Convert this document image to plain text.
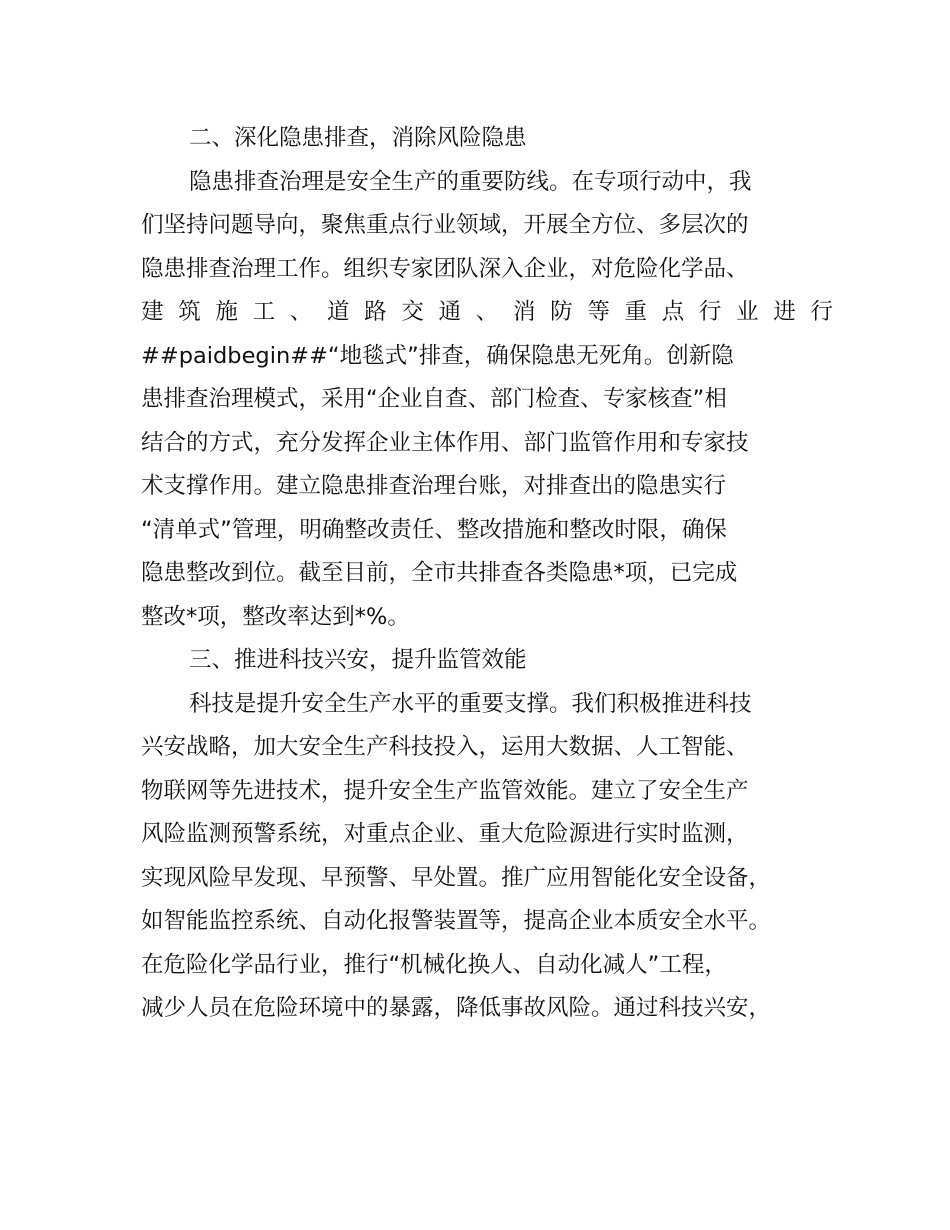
二、深化隐患排查，消除风险隐患
隐患排查治理是安全生产的重要防线。在专项行动中，我
们坚持问题导向，聚焦重点行业领域，开展全方位、多层次的
隐患排查治理工作。组织专家团队深入企业，对危险化学品、
建 筑 施 工 、 道 路 交 通 、 消 防 等 重 点 行 业 进 行
##paidbegin##“地毯式”排查，确保隐患无死角。创新隐
患排查治理模式，采用“企业自查、部门检查、专家核查”相
结合的方式，充分发挥企业主体作用、部门监管作用和专家技
术支撑作用。建立隐患排查治理台账，对排查出的隐患实行
“清单式”管理，明确整改责任、整改措施和整改时限，确保
隐患整改到位。截至目前，全市共排查各类隐患*项，已完成
整改*项，整改率达到*%。
三、推进科技兴安，提升监管效能
科技是提升安全生产水平的重要支撑。我们积极推进科技
兴安战略，加大安全生产科技投入，运用大数据、人工智能、
物联网等先进技术，提升安全生产监管效能。建立了安全生产
风险监测预警系统，对重点企业、重大危险源进行实时监测，
实现风险早发现、早预警、早处置。推广应用智能化安全设备，
如智能监控系统、自动化报警装置等，提高企业本质安全水平。
在危险化学品行业，推行“机械化换人、自动化减人”工程，
减少人员在危险环境中的暴露，降低事故风险。通过科技兴安，
